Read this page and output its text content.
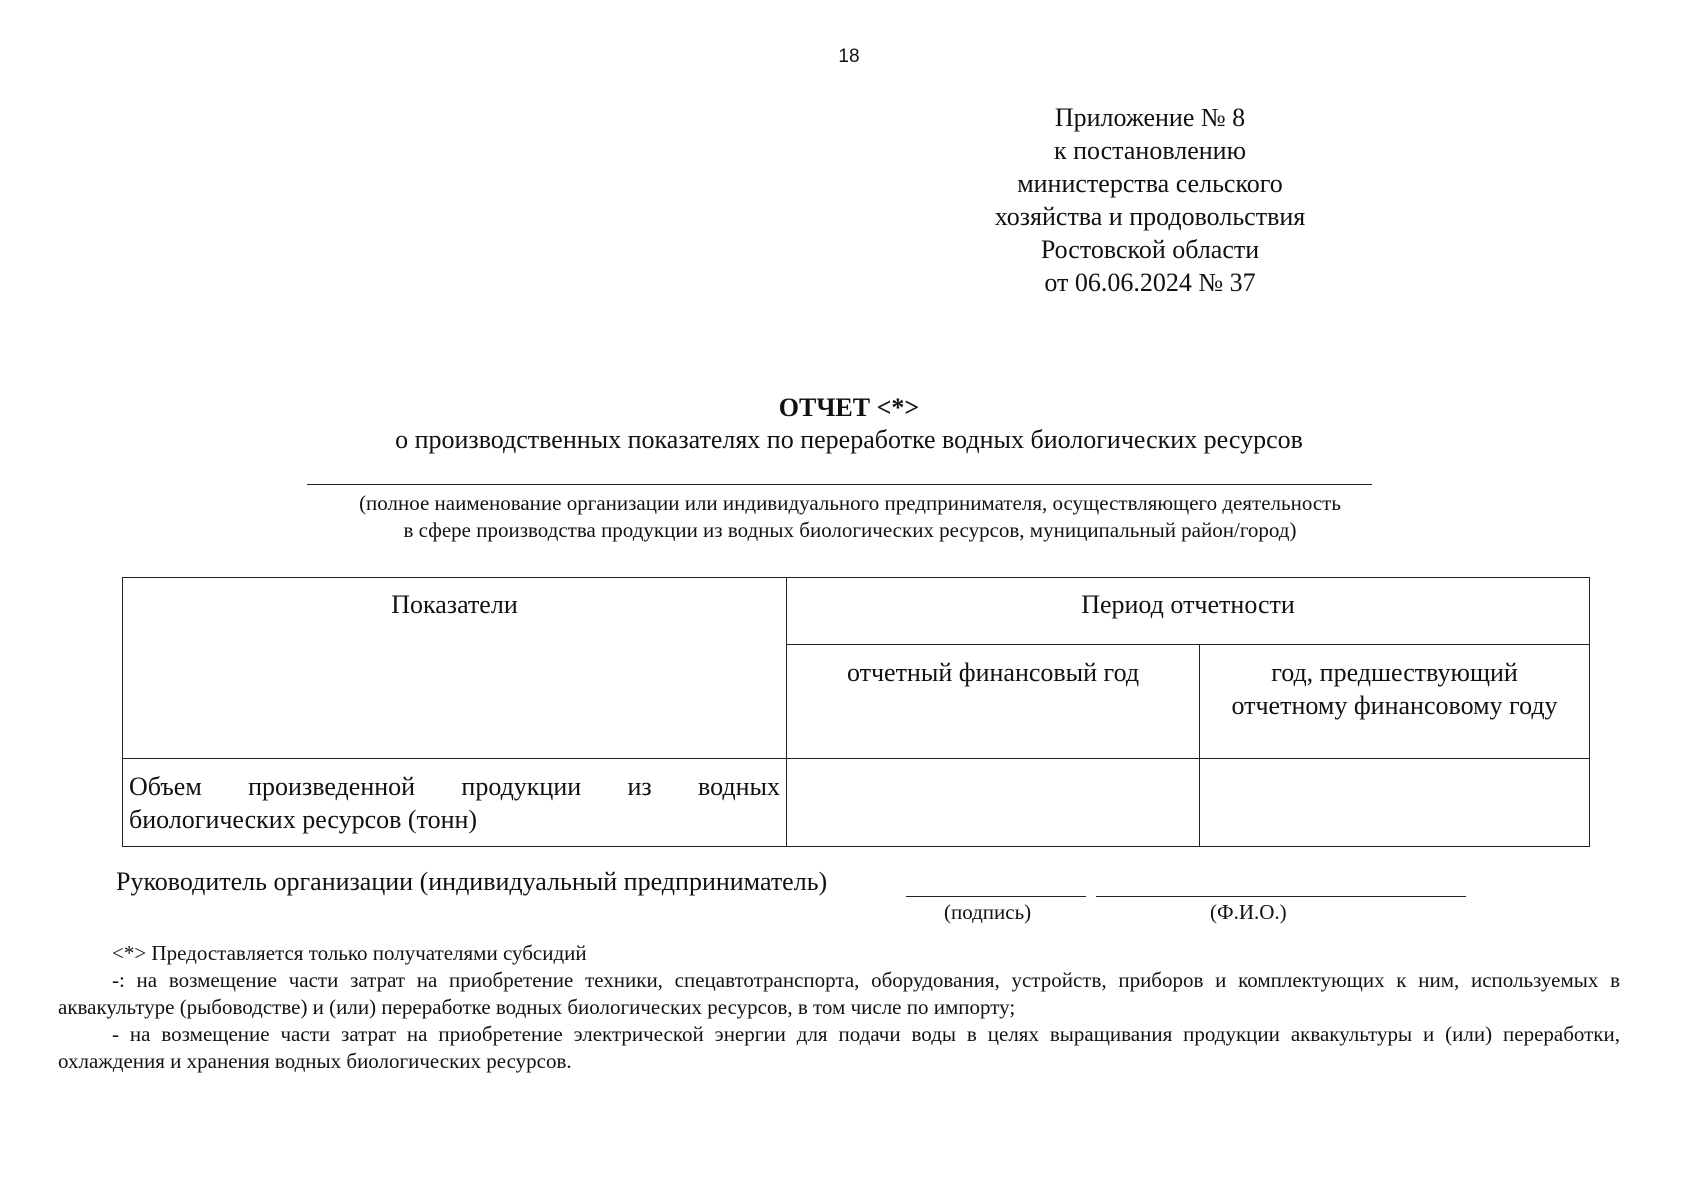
18
Приложение № 8
к постановлению
министерства сельского
хозяйства и продовольствия
Ростовской области
от 06.06.2024 № 37
ОТЧЕТ <*>
о производственных показателях по переработке водных биологических ресурсов
(полное наименование организации или индивидуального предпринимателя, осуществляющего деятельность
в сфере производства продукции из водных биологических ресурсов, муниципальный район/город)
Показатели	Период отчетности	
	отчетный финансовый год	год, предшествующий
отчетному финансовому году

Объем произведенной продукции из водных
биологических ресурсов (тонн)		
Руководитель организации (индивидуальный предприниматель)
(подпись)	(Ф.И.О.)

<*> Предоставляется только получателями субсидий

-: на возмещение части затрат на приобретение техники, спецавтотранспорта, оборудования, устройств, приборов и комплектующих к ним, используемых в аквакультуре (рыбоводстве) и (или) переработке водных биологических ресурсов, в том числе по импорту;

- на возмещение части затрат на приобретение электрической энергии для подачи воды в целях выращивания продукции аквакультуры и (или) переработки, охлаждения и хранения водных биологических ресурсов.
